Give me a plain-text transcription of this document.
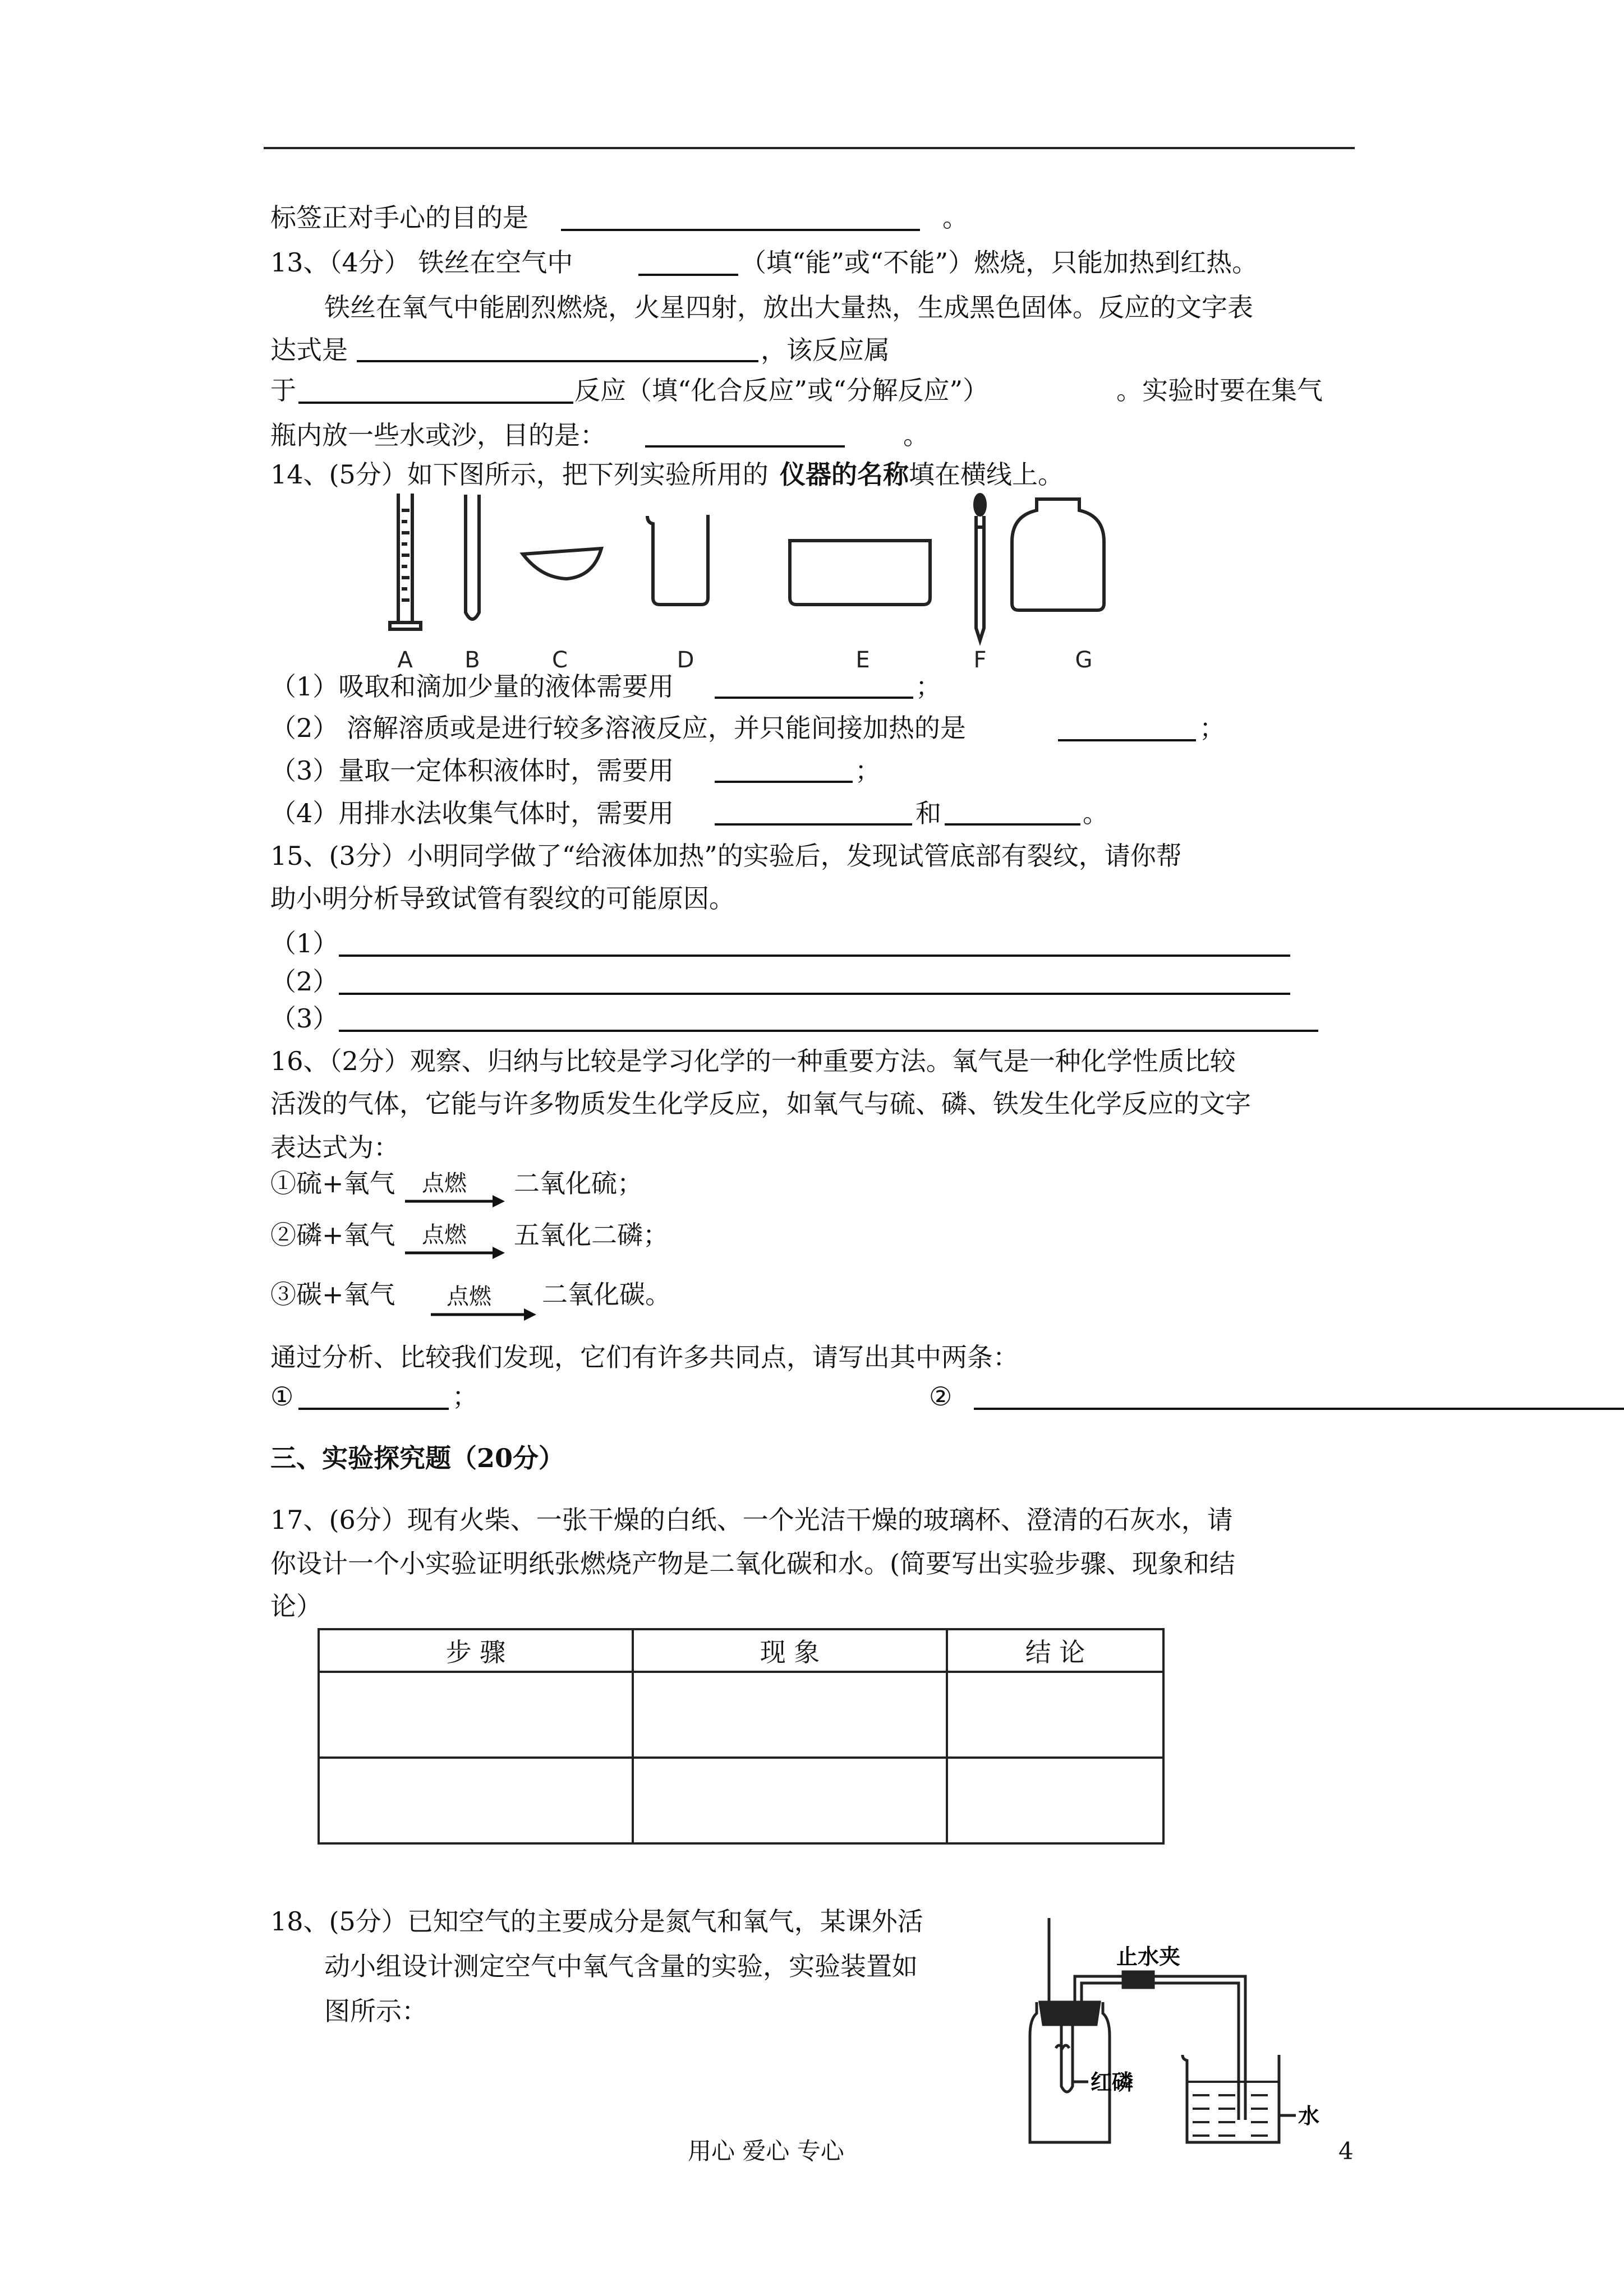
标签正对手心的目的是	。
13、（4分） 铁丝在空气中	（填“能”或“不能”）燃烧，只能加热到红热。
铁丝在氧气中能剧烈燃烧，火星四射，放出大量热，生成黑色固体。反应的文字表
达式是	，该反应属
于	反应（填“化合反应”或“分解反应”）	。实验时要在集气
瓶内放一些水或沙，目的是：	。
14、(5分）如下图所示，把下列实验所用的 仪器的名称 填在横线上。
A B	C	D	E	F	G
（1）吸取和滴加少量的液体需要用	；
（2） 溶解溶质或是进行较多溶液反应，并只能间接加热的是	；
（3）量取一定体积液体时，需要用	；
（4）用排水法收集气体时，需要用	和	。
15、(3分）小明同学做了“给液体加热”的实验后，发现试管底部有裂纹，请你帮
助小明分析导致试管有裂纹的可能原因。
（1）
（2）
（3）
16、（2分）观察、归纳与比较是学习化学的一种重要方法。氧气是一种化学性质比较
活泼的气体，它能与许多物质发生化学反应，如氧气与硫、磷、铁发生化学反应的文字
表达式为：
①硫+氧气 点燃 二氧化硫；
②磷+氧气 点燃 五氧化二磷；
③碳+氧气 点燃 二氧化碳。
通过分析、比较我们发现，它们有许多共同点，请写出其中两条：
①	；	②
三、实验探究题（20分）
17、(6分）现有火柴、一张干燥的白纸、一个光洁干燥的玻璃杯、澄清的石灰水，请
你设计一个小实验证明纸张燃烧产物是二氧化碳和水。(简要写出实验步骤、现象和结
论）
步 骤	现 象	结 论

18、(5分）已知空气的主要成分是氮气和氧气，某课外活
动小组设计测定空气中氧气含量的实验，实验装置如
图所示：
止水夹
红磷
水
用心 爱心 专心	4
